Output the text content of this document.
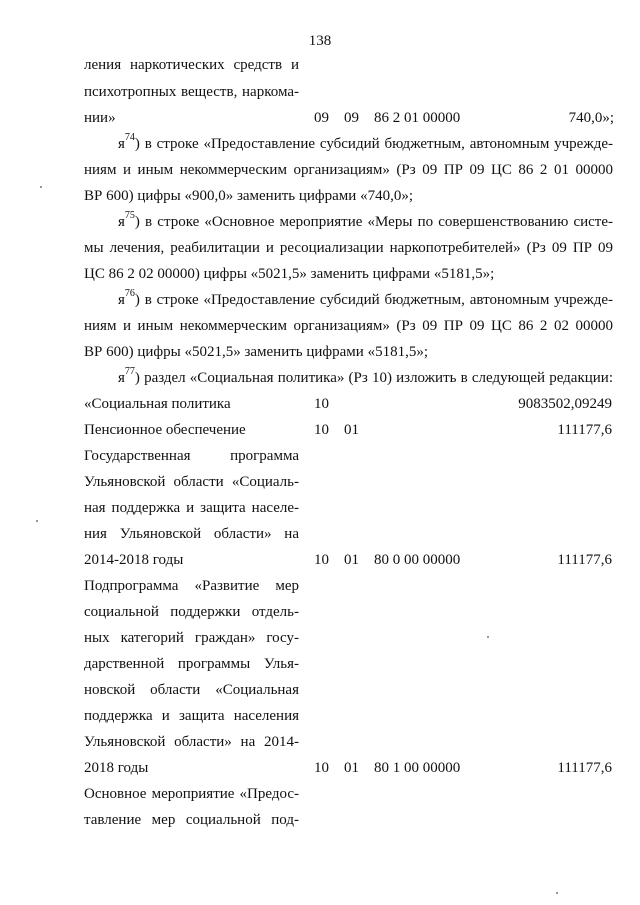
138
ления наркотических средств и
психотропных веществ, наркома-
нии»	09 09 86 2 01 00000	740,0»;
$я^{74}$) в строке «Предоставление субсидий бюджетным, автономным учрежде-
ниям и иным некоммерческим организациям» (Рз 09 ПР 09 ЦС 86 2 01 00000
ВР 600) цифры «900,0» заменить цифрами «740,0»;
$я^{75}$) в строке «Основное мероприятие «Меры по совершенствованию систе-
мы лечения, реабилитации и ресоциализации наркопотребителей» (Рз 09 ПР 09
ЦС 86 2 02 00000) цифры «5021,5» заменить цифрами «5181,5»;
$я^{76}$) в строке «Предоставление субсидий бюджетным, автономным учрежде-
ниям и иным некоммерческим организациям» (Рз 09 ПР 09 ЦС 86 2 02 00000
ВР 600) цифры «5021,5» заменить цифрами «5181,5»;
$я^{77}$) раздел «Социальная политика» (Рз 10) изложить в следующей редакции:
«Социальная политика	10	9083502,09249
Пенсионное обеспечение	10 01	111177,6
Государственная программа
Ульяновской области «Социаль-
ная поддержка и защита населе-
ния Ульяновской области» на
2014-2018 годы	10 01 80 0 00 00000	111177,6
Подпрограмма «Развитие мер
социальной поддержки отдель-
ных категорий граждан» госу-
дарственной программы Улья-
новской области «Социальная
поддержка и защита населения
Ульяновской области» на 2014-
2018 годы	10 01 80 1 00 00000	111177,6
Основное мероприятие «Предос-
тавление мер социальной под-
